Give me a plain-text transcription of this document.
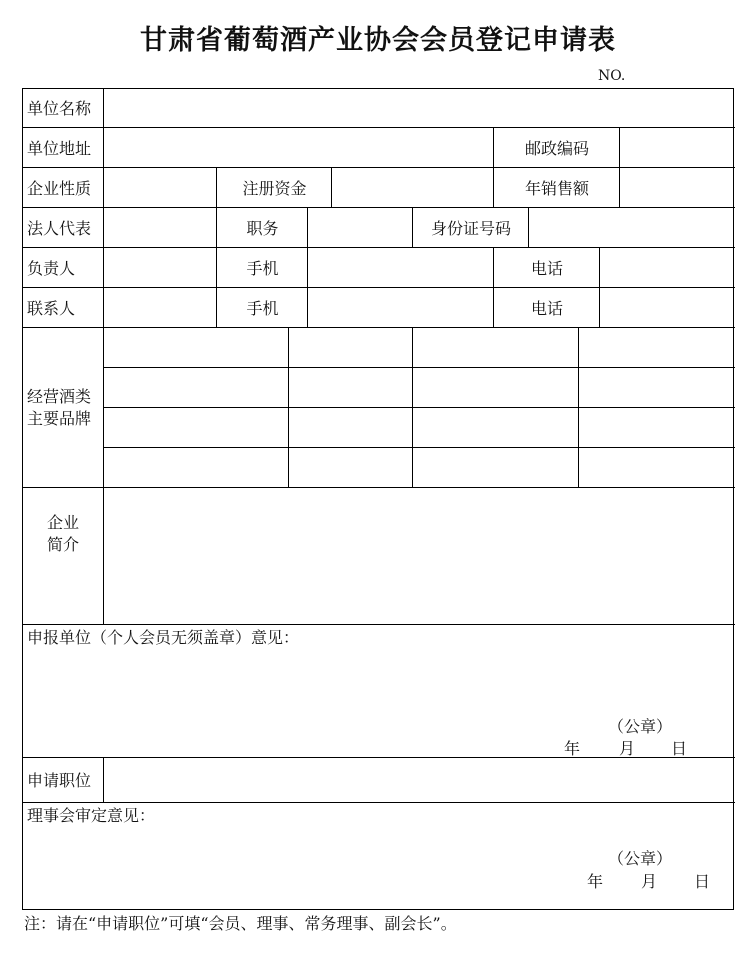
甘肃省葡萄酒产业协会会员登记申请表
NO.
单位名称
单位地址	邮政编码
企业性质	注册资金	年销售额
法人代表	职务	身份证号码
负责人	手机	电话
联系人	手机	电话
经营酒类
主要品牌
企业
简介
申报单位（个人会员无须盖章）意见：
（公章）
年 月 日
申请职位
理事会审定意见：
（公章）
年 月 日
注：请在“申请职位”可填“会员、理事、常务理事、副会长”。
